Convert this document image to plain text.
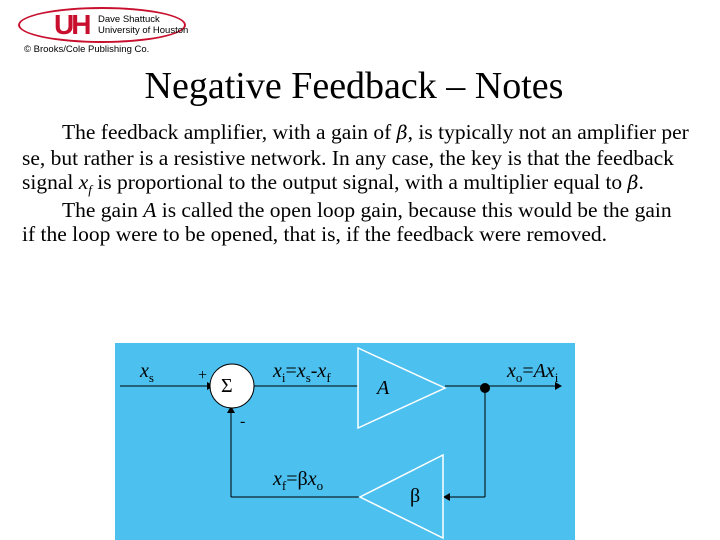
UH Dave Shattuck
University of Houston
© Brooks/Cole Publishing Co.
Negative Feedback – Notes

The feedback amplifier, with a gain of β, is typically not an amplifier per se, but rather is a resistive network. In any case, the key is that the feedback signal $x_f$ is proportional to the output signal, with a multiplier equal to β.

The gain A is called the open loop gain, because this would be the gain if the loop were to be opened, that is, if the feedback were removed.

$x_s$	+ Σ
-
$x_i=x_s-x_f$ A
$x_o=Ax_i$
$x_f=\beta x_o$	β
